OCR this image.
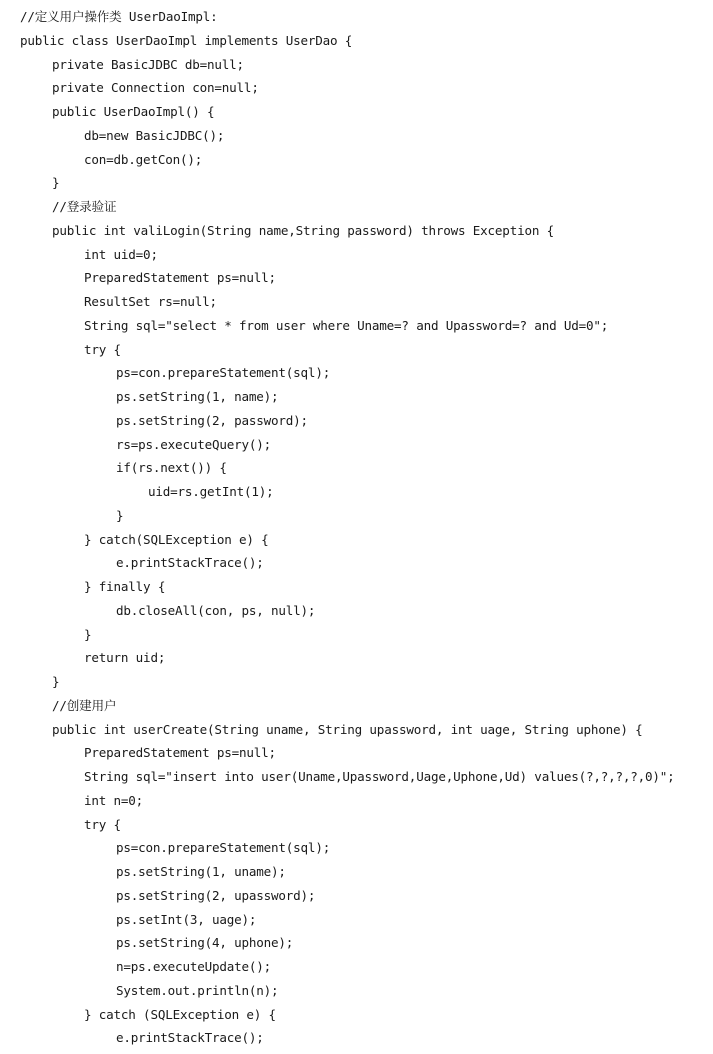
//定义用户操作类 UserDaoImpl:
public class UserDaoImpl implements UserDao {
private BasicJDBC db=null;
private Connection con=null;
public UserDaoImpl() {
db=new BasicJDBC();
con=db.getCon();
}
//登录验证
public int valiLogin(String name,String password) throws Exception {
int uid=0;
PreparedStatement ps=null;
ResultSet rs=null;
String sql="select * from user where Uname=? and Upassword=? and Ud=0";
try {
ps=con.prepareStatement(sql);
ps.setString(1, name);
ps.setString(2, password);
rs=ps.executeQuery();
if(rs.next()) {
uid=rs.getInt(1);
}
} catch(SQLException e) {
e.printStackTrace();
} finally {
db.closeAll(con, ps, null);
}
return uid;
}
//创建用户
public int userCreate(String uname, String upassword, int uage, String uphone) {
PreparedStatement ps=null;
String sql="insert into user(Uname,Upassword,Uage,Uphone,Ud) values(?,?,?,?,0)";
int n=0;
try {
ps=con.prepareStatement(sql);
ps.setString(1, uname);
ps.setString(2, upassword);
ps.setInt(3, uage);
ps.setString(4, uphone);
n=ps.executeUpdate();
System.out.println(n);
} catch (SQLException e) {
e.printStackTrace();
